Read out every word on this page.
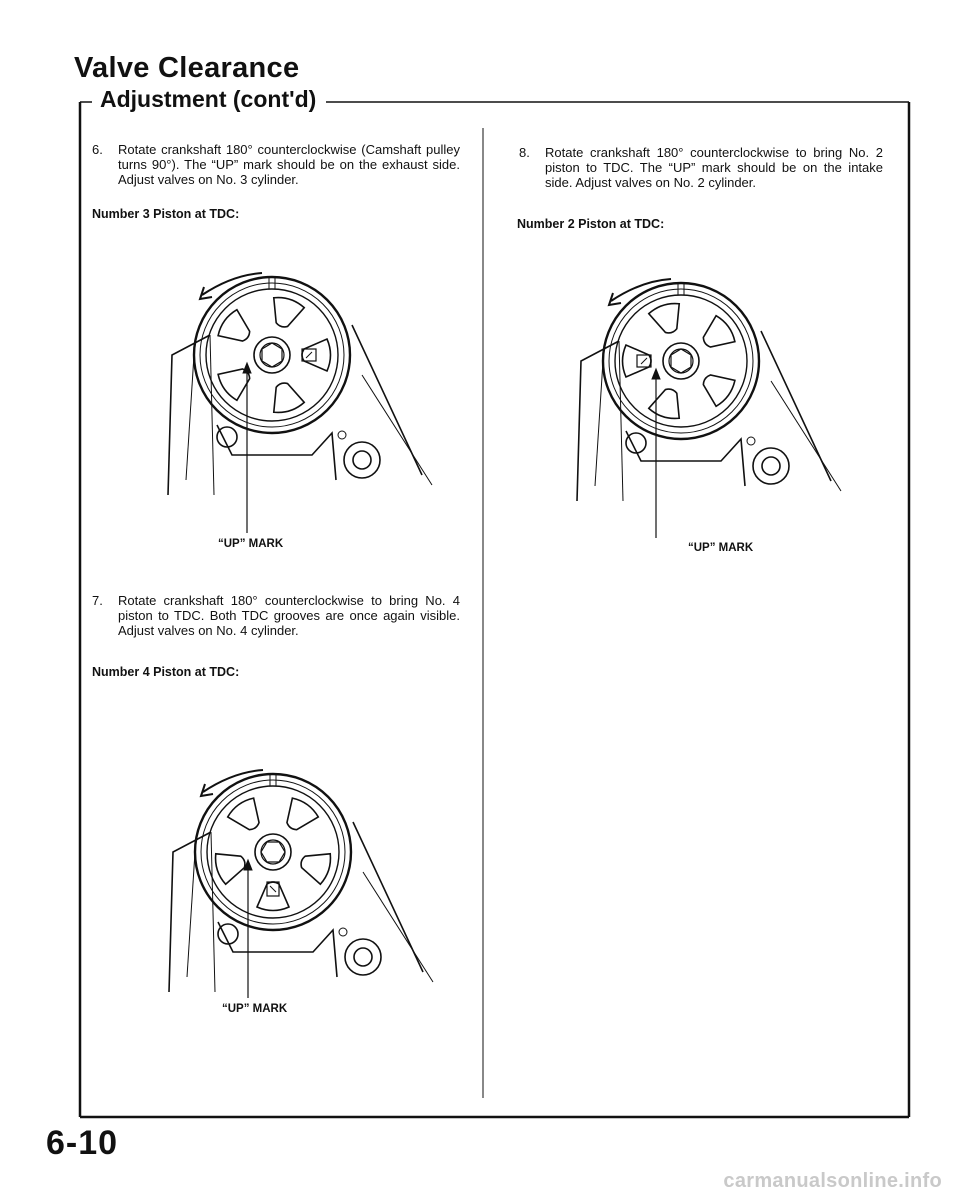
Valve Clearance
Adjustment (cont'd)
6. Rotate crankshaft 180° counterclockwise (Camshaft pulley turns 90°). The “UP” mark should be on the exhaust side. Adjust valves on No. 3 cylinder.
Number 3 Piston at TDC:
“UP” MARK
7. Rotate crankshaft 180° counterclockwise to bring No. 4 piston to TDC. Both TDC grooves are once again visible. Adjust valves on No. 4 cylinder.
Number 4 Piston at TDC:
“UP” MARK
8. Rotate crankshaft 180° counterclockwise to bring No. 2 piston to TDC. The “UP” mark should be on the intake side. Adjust valves on No. 2 cylinder.
Number 2 Piston at TDC:
“UP” MARK
6-10
carmanualsonline.info
